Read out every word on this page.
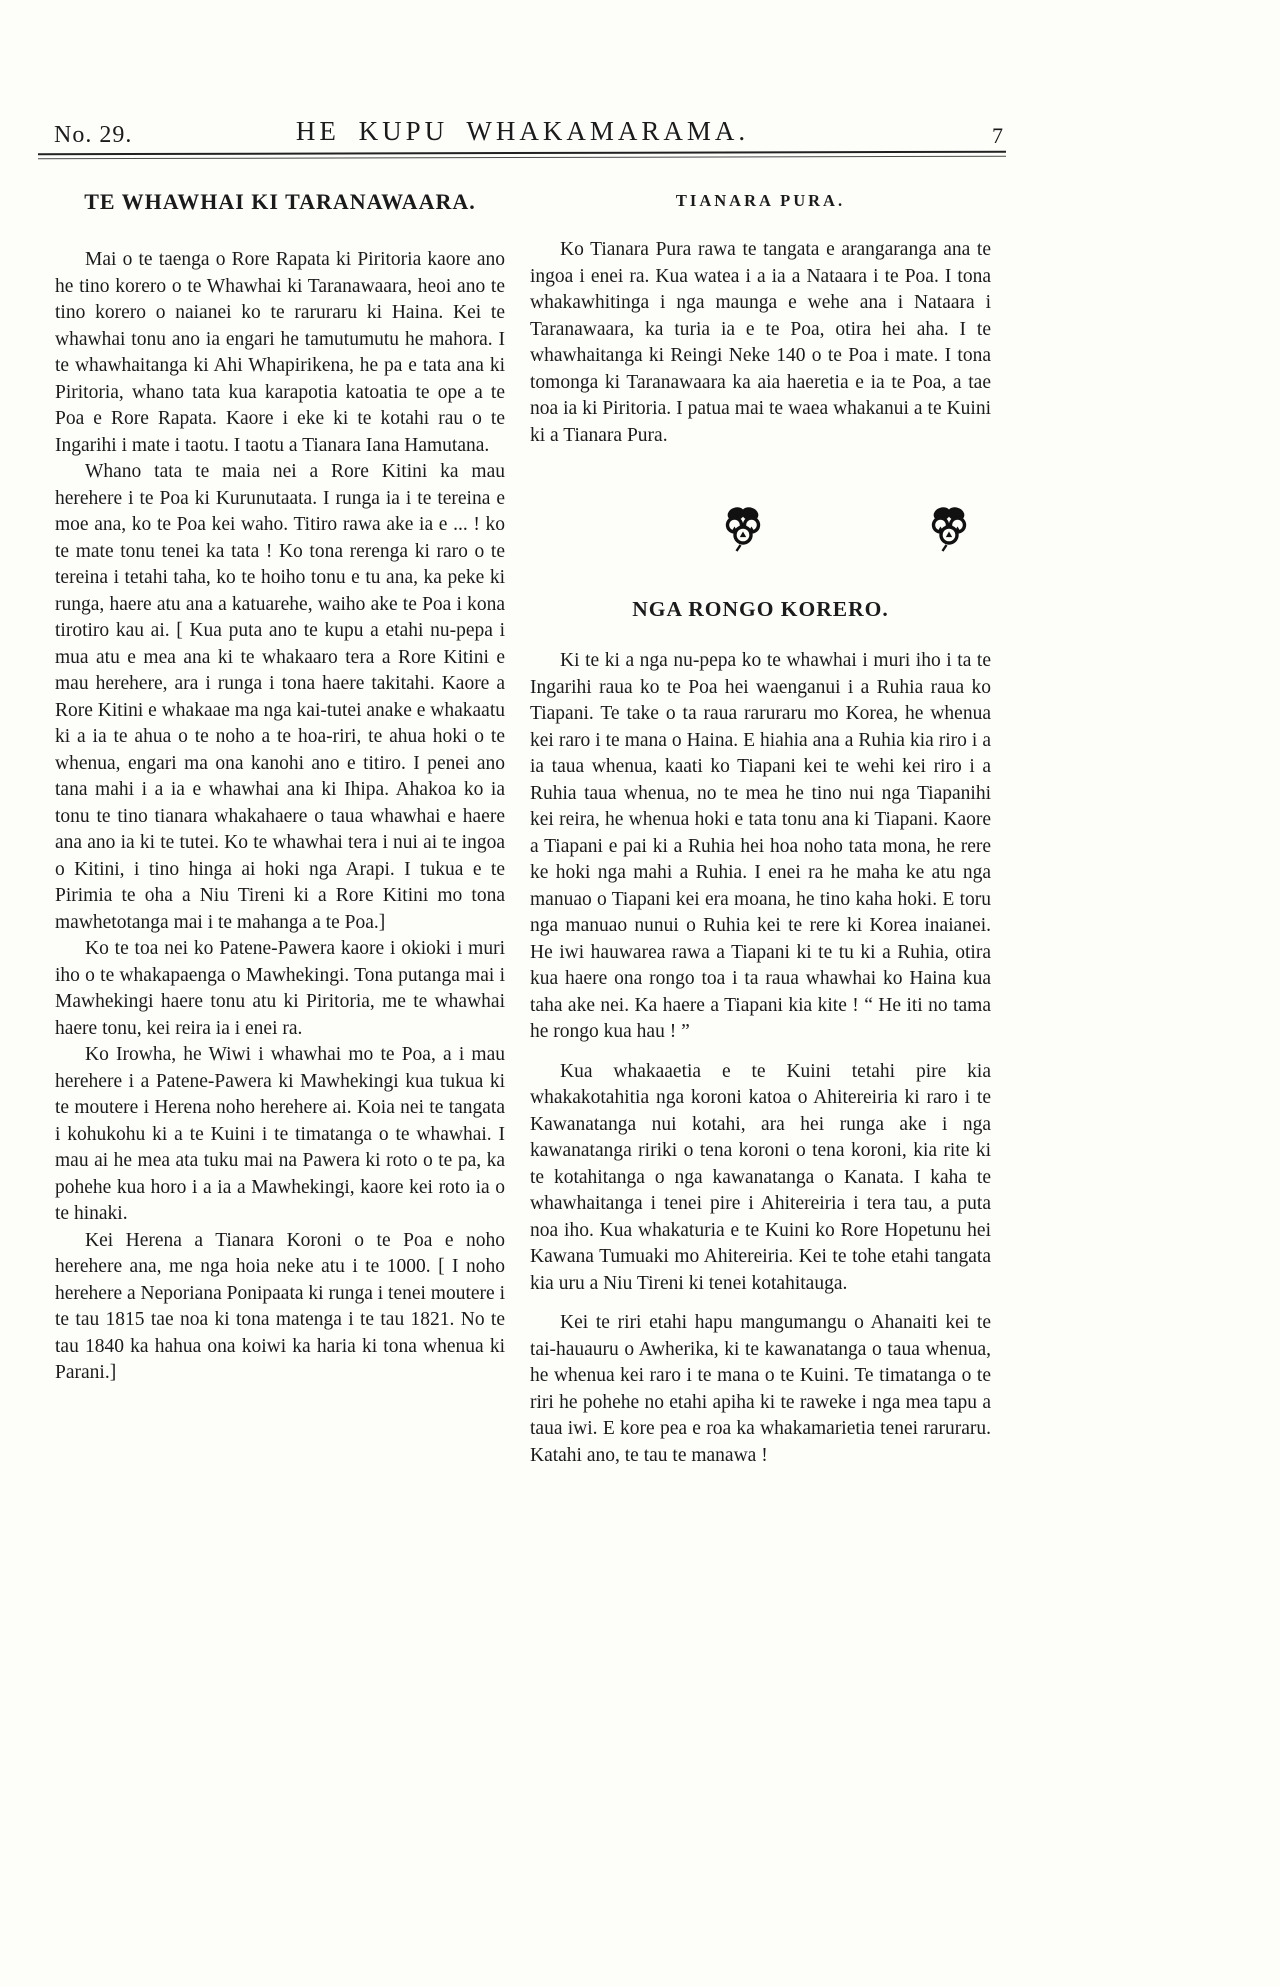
No. 29.	HE KUPU WHAKAMARAMA.	7
TE WHAWHAI KI TARANAWAARA.

Mai o te taenga o Rore Rapata ki Piritoria kaore ano he tino korero o te Whawhai ki Taranawaara, heoi ano te tino korero o naianei ko te raruraru ki Haina. Kei te whawhai tonu ano ia engari he tamutumutu he mahora. I te whawhaitanga ki Ahi Whapirikena, he pa e tata ana ki Piritoria, whano tata kua karapotia katoatia te ope a te Poa e Rore Rapata. Kaore i eke ki te kotahi rau o te Ingarihi i mate i taotu. I taotu a Tianara Iana Hamutana.

Whano tata te maia nei a Rore Kitini ka mau herehere i te Poa ki Kurunutaata. I runga ia i te tereina e moe ana, ko te Poa kei waho. Titiro rawa ake ia e ... ! ko te mate tonu tenei ka tata ! Ko tona rerenga ki raro o te tereina i tetahi taha, ko te hoiho tonu e tu ana, ka peke ki runga, haere atu ana a katuarehe, waiho ake te Poa i kona tirotiro kau ai. [ Kua puta ano te kupu a etahi nu-pepa i mua atu e mea ana ki te whakaaro tera a Rore Kitini e mau herehere, ara i runga i tona haere takitahi. Kaore a Rore Kitini e whakaae ma nga kai-tutei anake e whakaatu ki a ia te ahua o te noho a te hoa-riri, te ahua hoki o te whenua, engari ma ona kanohi ano e titiro. I penei ano tana mahi i a ia e whawhai ana ki Ihipa. Ahakoa ko ia tonu te tino tianara whakahaere o taua whawhai e haere ana ano ia ki te tutei. Ko te whawhai tera i nui ai te ingoa o Kitini, i tino hinga ai hoki nga Arapi. I tukua e te Pirimia te oha a Niu Tireni ki a Rore Kitini mo tona mawhetotanga mai i te mahanga a te Poa.]

Ko te toa nei ko Patene-Pawera kaore i okioki i muri iho o te whakapaenga o Mawhekingi. Tona putanga mai i Mawhekingi haere tonu atu ki Piritoria, me te whawhai haere tonu, kei reira ia i enei ra.

Ko Irowha, he Wiwi i whawhai mo te Poa, a i mau herehere i a Patene-Pawera ki Mawhekingi kua tukua ki te moutere i Herena noho herehere ai. Koia nei te tangata i kohukohu ki a te Kuini i te timatanga o te whawhai. I mau ai he mea ata tuku mai na Pawera ki roto o te pa, ka pohehe kua horo i a ia a Mawhekingi, kaore kei roto ia o te hinaki.

Kei Herena a Tianara Koroni o te Poa e noho herehere ana, me nga hoia neke atu i te 1000. [ I noho herehere a Neporiana Ponipaata ki runga i tenei moutere i te tau 1815 tae noa ki tona matenga i te tau 1821. No te tau 1840 ka hahua ona koiwi ka haria ki tona whenua ki Parani.]

TIANARA PURA.

Ko Tianara Pura rawa te tangata e arangaranga ana te ingoa i enei ra. Kua watea i a ia a Nataara i te Poa. I tona whakawhitinga i nga maunga e wehe ana i Nataara i Taranawaara, ka turia ia e te Poa, otira hei aha. I te whawhaitanga ki Reingi Neke 140 o te Poa i mate. I tona tomonga ki Taranawaara ka aia haeretia e ia te Poa, a tae noa ia ki Piritoria. I patua mai te waea whakanui a te Kuini ki a Tianara Pura.

NGA RONGO KORERO.

Ki te ki a nga nu-pepa ko te whawhai i muri iho i ta te Ingarihi raua ko te Poa hei waenganui i a Ruhia raua ko Tiapani. Te take o ta raua raruraru mo Korea, he whenua kei raro i te mana o Haina. E hiahia ana a Ruhia kia riro i a ia taua whenua, kaati ko Tiapani kei te wehi kei riro i a Ruhia taua whenua, no te mea he tino nui nga Tiapanihi kei reira, he whenua hoki e tata tonu ana ki Tiapani. Kaore a Tiapani e pai ki a Ruhia hei hoa noho tata mona, he rere ke hoki nga mahi a Ruhia. I enei ra he maha ke atu nga manuao o Tiapani kei era moana, he tino kaha hoki. E toru nga manuao nunui o Ruhia kei te rere ki Korea inaianei. He iwi hauwarea rawa a Tiapani ki te tu ki a Ruhia, otira kua haere ona rongo toa i ta raua whawhai ko Haina kua taha ake nei. Ka haere a Tiapani kia kite ! “ He iti no tama he rongo kua hau ! ”

Kua whakaaetia e te Kuini tetahi pire kia whakakotahitia nga koroni katoa o Ahitereiria ki raro i te Kawanatanga nui kotahi, ara hei runga ake i nga kawanatanga ririki o tena koroni o tena koroni, kia rite ki te kotahitanga o nga kawanatanga o Kanata. I kaha te whawhaitanga i tenei pire i Ahitereiria i tera tau, a puta noa iho. Kua whakaturia e te Kuini ko Rore Hopetunu hei Kawana Tumuaki mo Ahitereiria. Kei te tohe etahi tangata kia uru a Niu Tireni ki tenei kotahitauga.

Kei te riri etahi hapu mangumangu o Ahanaiti kei te tai-hauauru o Awherika, ki te kawanatanga o taua whenua, he whenua kei raro i te mana o te Kuini. Te timatanga o te riri he pohehe no etahi apiha ki te raweke i nga mea tapu a taua iwi. E kore pea e roa ka whakamarietia tenei raruraru. Katahi ano, te tau te manawa !
